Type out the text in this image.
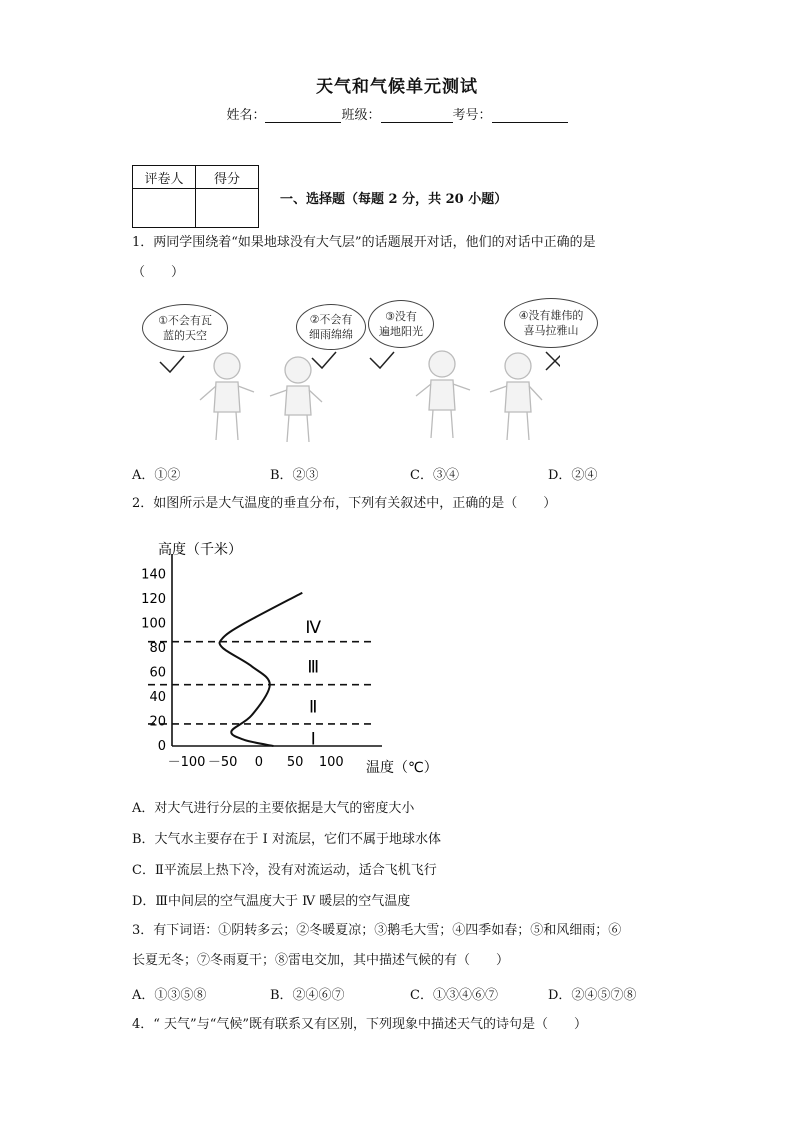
天气和气候单元测试
姓名：	班级：	考号：
评卷人	得分

一、选择题（每题 2 分，共 20 小题）
1．两同学围绕着“如果地球没有大气层”的话题展开对话，他们的对话中正确的是
（　　）
①不会有瓦
蓝的天空
②不会有
细雨绵绵
③没有
遍地阳光
④没有雄伟的
喜马拉雅山
A．①②	B．②③	C．③④	D．②④
2．如图所示是大气温度的垂直分布，下列有关叙述中，正确的是（　　）
高度（千米）
温度（℃）
0
20
40
60
80
100
120
140
－100 －50 0 50 100
Ⅰ
Ⅱ
Ⅲ
Ⅳ
A．对大气进行分层的主要依据是大气的密度大小
B．大气水主要存在于 I 对流层，它们不属于地球水体
C．Ⅱ平流层上热下冷，没有对流运动，适合飞机飞行
D．Ⅲ中间层的空气温度大于 Ⅳ 暖层的空气温度
3．有下词语：①阴转多云；②冬暖夏凉；③鹅毛大雪；④四季如春；⑤和风细雨；⑥
长夏无冬；⑦冬雨夏干；⑧雷电交加，其中描述气候的有（　　）
A．①③⑤⑧	B．②④⑥⑦	C．①③④⑥⑦	D．②④⑤⑦⑧
4．“ 天气”与“气候”既有联系又有区别，下列现象中描述天气的诗句是（　　）
